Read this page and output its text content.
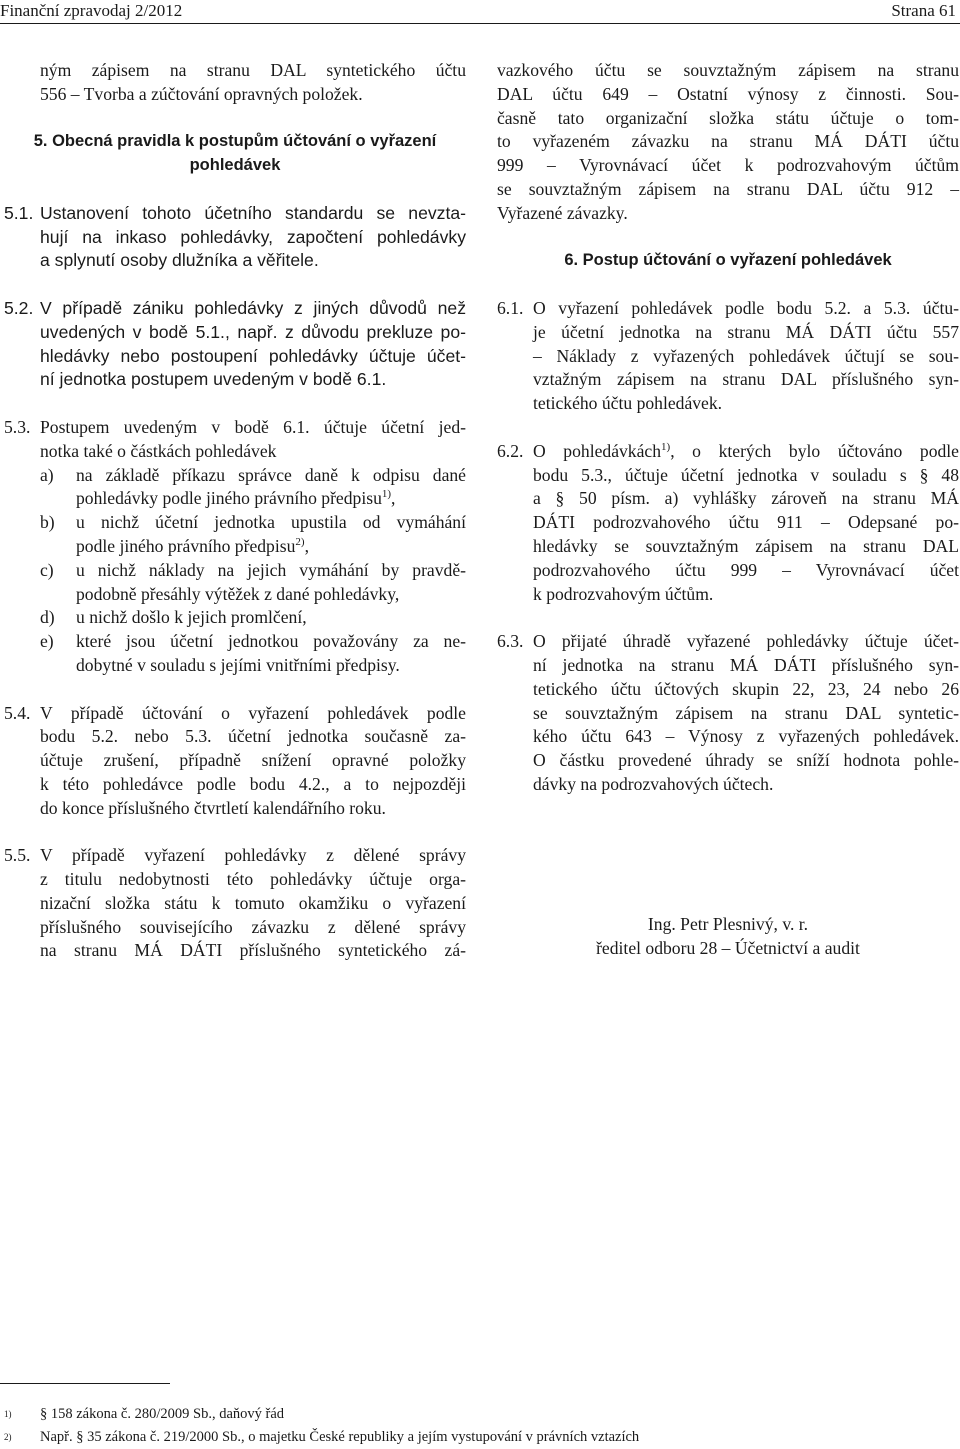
Finanční zpravodaj 2/2012	Strana 61

ným zápisem na stranu DAL syntetického účtu

556 – Tvorba a zúčtování opravných položek.

5. Obecná pravidla k postupům účtování o vyřazení

pohledávek

5.1. Ustanovení tohoto účetního standardu se nevzta-

hují na inkaso pohledávky, započtení pohledávky

a splynutí osoby dlužníka a věřitele.

5.2. V případě zániku pohledávky z jiných důvodů než

uvedených v bodě 5.1., např. z důvodu prekluze po-

hledávky nebo postoupení pohledávky účtuje účet-

ní jednotka postupem uvedeným v bodě 6.1.

5.3. Postupem uvedeným v bodě 6.1. účtuje účetní jed-

notka také o částkách pohledávek

a)	na základě příkazu správce daně k odpisu dané

pohledávky podle jiného právního předpisu$^{1)}$,

b)	u nichž účetní jednotka upustila od vymáhání

podle jiného právního předpisu$^{2)}$,

c)	u nichž náklady na jejich vymáhání by pravdě-

podobně přesáhly výtěžek z dané pohledávky,

d)	u nichž došlo k jejich promlčení,

e)	které jsou účetní jednotkou považovány za ne-

dobytné v souladu s jejími vnitřními předpisy.

5.4. V případě účtování o vyřazení pohledávek podle

bodu 5.2. nebo 5.3. účetní jednotka současně za-

účtuje zrušení, případně snížení opravné položky

k této pohledávce podle bodu 4.2., a to nejpozději

do konce příslušného čtvrtletí kalendářního roku.

5.5. V případě vyřazení pohledávky z dělené správy

z titulu nedobytnosti této pohledávky účtuje orga-

nizační složka státu k tomuto okamžiku o vyřazení

příslušného souvisejícího závazku z dělené správy

na stranu MÁ DÁTI příslušného syntetického zá-

vazkového účtu se souvztažným zápisem na stranu

DAL účtu 649 – Ostatní výnosy z činnosti. Sou-

časně tato organizační složka státu účtuje o tom-

to vyřazeném závazku na stranu MÁ DÁTI účtu

999 – Vyrovnávací účet k podrozvahovým účtům

se souvztažným zápisem na stranu DAL účtu 912 –

Vyřazené závazky.

6. Postup účtování o vyřazení pohledávek

6.1. O vyřazení pohledávek podle bodu 5.2. a 5.3. účtu-

je účetní jednotka na stranu MÁ DÁTI účtu 557

– Náklady z vyřazených pohledávek účtují se sou-

vztažným zápisem na stranu DAL příslušného syn-

tetického účtu pohledávek.

6.2. O pohledávkách$^{1)}$, o kterých bylo účtováno podle

bodu 5.3., účtuje účetní jednotka v souladu s § 48

a § 50 písm. a) vyhlášky zároveň na stranu MÁ

DÁTI podrozvahového účtu 911 – Odepsané po-

hledávky se souvztažným zápisem na stranu DAL

podrozvahového účtu 999 – Vyrovnávací účet

k podrozvahovým účtům.

6.3. O přijaté úhradě vyřazené pohledávky účtuje účet-

ní jednotka na stranu MÁ DÁTI příslušného syn-

tetického účtu účtových skupin 22, 23, 24 nebo 26

se souvztažným zápisem na stranu DAL syntetic-

kého účtu 643 – Výnosy z vyřazených pohledávek.

O částku provedené úhrady se sníží hodnota pohle-

dávky na podrozvahových účtech.

Ing. Petr Plesnivý, v. r.

ředitel odboru 28 – Účetnictví a audit

1)	§ 158 zákona č. 280/2009 Sb., daňový řád
2)	Např. § 35 zákona č. 219/2000 Sb., o majetku České republiky a jejím vystupování v právních vztazích
